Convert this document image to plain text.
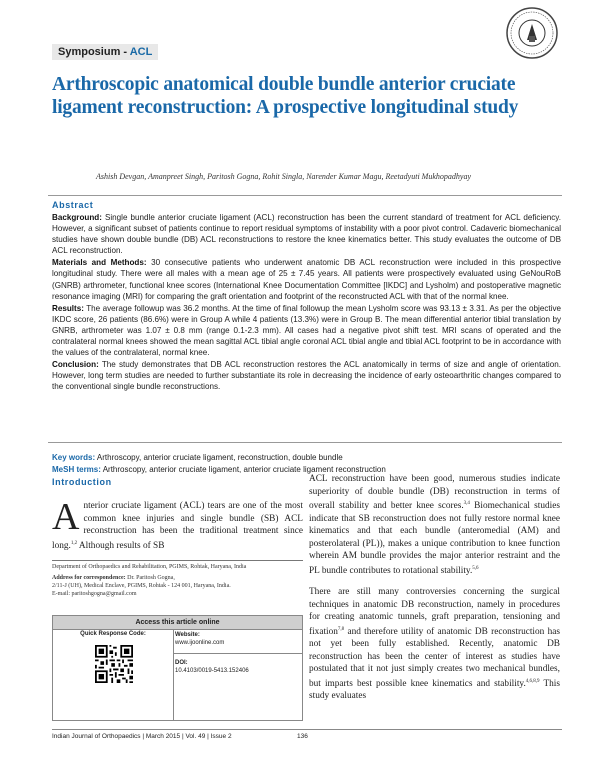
Symposium - ACL
Arthroscopic anatomical double bundle anterior cruciate ligament reconstruction: A prospective longitudinal study
Ashish Devgan, Amanpreet Singh, Paritosh Gogna, Rohit Singla, Narender Kumar Magu, Reetadyuti Mukhopadhyay
Abstract

Background: Single bundle anterior cruciate ligament (ACL) reconstruction has been the current standard of treatment for ACL deficiency. However, a significant subset of patients continue to report residual symptoms of instability with a poor pivot control. Cadaveric biomechanical studies have shown double bundle (DB) ACL reconstructions to restore the knee kinematics better. This study evaluates the outcome of DB ACL reconstruction.

Materials and Methods: 30 consecutive patients who underwent anatomic DB ACL reconstruction were included in this prospective longitudinal study. There were all males with a mean age of 25 ± 7.45 years. All patients were prospectively evaluated using GeNouRoB (GNRB) arthrometer, functional knee scores (International Knee Documentation Committee [IKDC] and Lysholm) and postoperative magnetic resonance imaging (MRI) for comparing the graft orientation and footprint of the reconstructed ACL with that of the normal knee.

Results: The average followup was 36.2 months. At the time of final followup the mean Lysholm score was 93.13 ± 3.31. As per the objective IKDC score, 26 patients (86.6%) were in Group A while 4 patients (13.3%) were in Group B. The mean differential anterior tibial translation by GNRB, arthrometer was 1.07 ± 0.8 mm (range 0.1-2.3 mm). All cases had a negative pivot shift test. MRI scans of operated and the contralateral normal knees showed the mean sagittal ACL tibial angle coronal ACL tibial angle and tibial ACL footprint to be in accordance with the values of the contralateral, normal knee.

Conclusion: The study demonstrates that DB ACL reconstruction restores the ACL anatomically in terms of size and angle of orientation. However, long term studies are needed to further substantiate its role in decreasing the incidence of early osteoarthritic changes compared to the conventional single bundle reconstructions.

Key words: Arthroscopy, anterior cruciate ligament, reconstruction, double bundle
MeSH terms: Arthroscopy, anterior cruciate ligament, anterior cruciate ligament reconstruction
Introduction
Anterior cruciate ligament (ACL) tears are one of the most common knee injuries and single bundle (SB) ACL reconstruction has been the traditional treatment since long.$^{1,2}$ Although results of SB

ACL reconstruction have been good, numerous studies indicate superiority of double bundle (DB) reconstruction in terms of overall stability and better knee scores.$^{3,4}$ Biomechanical studies indicate that SB reconstruction does not fully restore normal knee kinematics and that each bundle (anteromedial (AM) and posterolateral (PL)), makes a unique contribution to knee function wherein AM bundle provides the major anterior restraint and the PL bundle contributes to rotational stability.$^{5,6}$

There are still many controversies concerning the surgical techniques in anatomic DB reconstruction, namely in procedures for creating anatomic tunnels, graft preparation, tensioning and fixation$^{7,8}$ and therefore utility of anatomic DB reconstruction has not yet been fully established. Recently, anatomic DB reconstruction has been the center of interest as studies have postulated that it not just simply creates two mechanical bundles, but imparts best possible knee kinematics and stability.$^{4,6,8,9}$ This study evaluates

Department of Orthopaedics and Rehabilitation, PGIMS, Rohtak, Haryana, India

Address for correspondence: Dr. Paritosh Gogna,
2/11-J (UH), Medical Enclave, PGIMS, Rohtak - 124 001, Haryana, India.
E-mail: paritoshgogna@gmail.com
Access this article online
Quick Response Code:	Website:
www.ijoonline.com
DOI:
10.4103/0019-5413.152406
Indian Journal of Orthopaedics | March 2015 | Vol. 49 | Issue 2	136
